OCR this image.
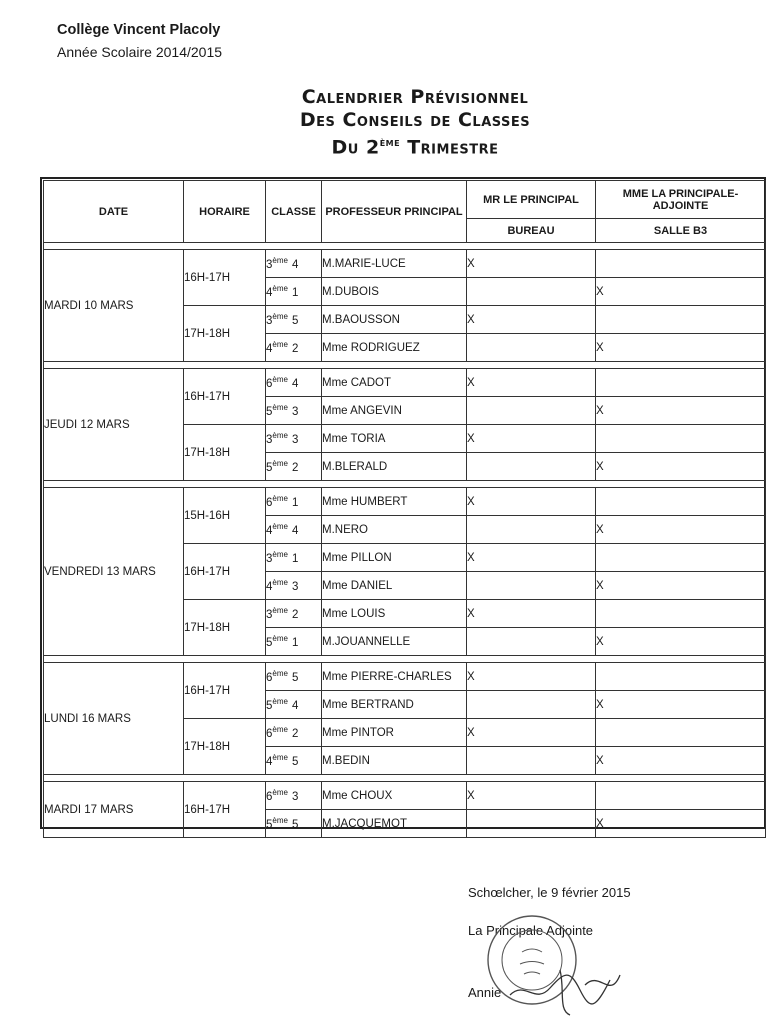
Collège Vincent Placoly
Année Scolaire 2014/2015
Calendrier Prévisionnel
Des Conseils de Classes
Du 2ème Trimestre
DATE	HORAIRE	CLASSE	PROFESSEUR PRINCIPAL	MR LE PRINCIPAL	MME LA PRINCIPALE-ADJOINTE
				BUREAU	SALLE B3

MARDI 10 MARS	16H-17H	3ème 4	M.MARIE-LUCE	X	
		4ème 1	M.DUBOIS		X
	17H-18H	3ème 5	M.BAOUSSON	X	
		4ème 2	Mme RODRIGUEZ		X

JEUDI 12 MARS	16H-17H	6ème 4	Mme CADOT	X	
		5ème 3	Mme ANGEVIN		X
	17H-18H	3ème 3	Mme TORIA	X	
		5ème 2	M.BLERALD		X

VENDREDI 13 MARS	15H-16H	6ème 1	Mme HUMBERT	X	
		4ème 4	M.NERO		X
	16H-17H	3ème 1	Mme PILLON	X	
		4ème 3	Mme DANIEL		X
	17H-18H	3ème 2	Mme LOUIS	X	
		5ème 1	M.JOUANNELLE		X

LUNDI 16 MARS	16H-17H	6ème 5	Mme PIERRE-CHARLES	X	
		5ème 4	Mme BERTRAND		X
	17H-18H	6ème 2	Mme PINTOR	X	
		4ème 5	M.BEDIN		X

MARDI 17 MARS	16H-17H	6ème 3	Mme CHOUX	X	
		5ème 5	M.JACQUEMOT		X
Schœlcher, le 9 février 2015
La Principale Adjointe
Annie
